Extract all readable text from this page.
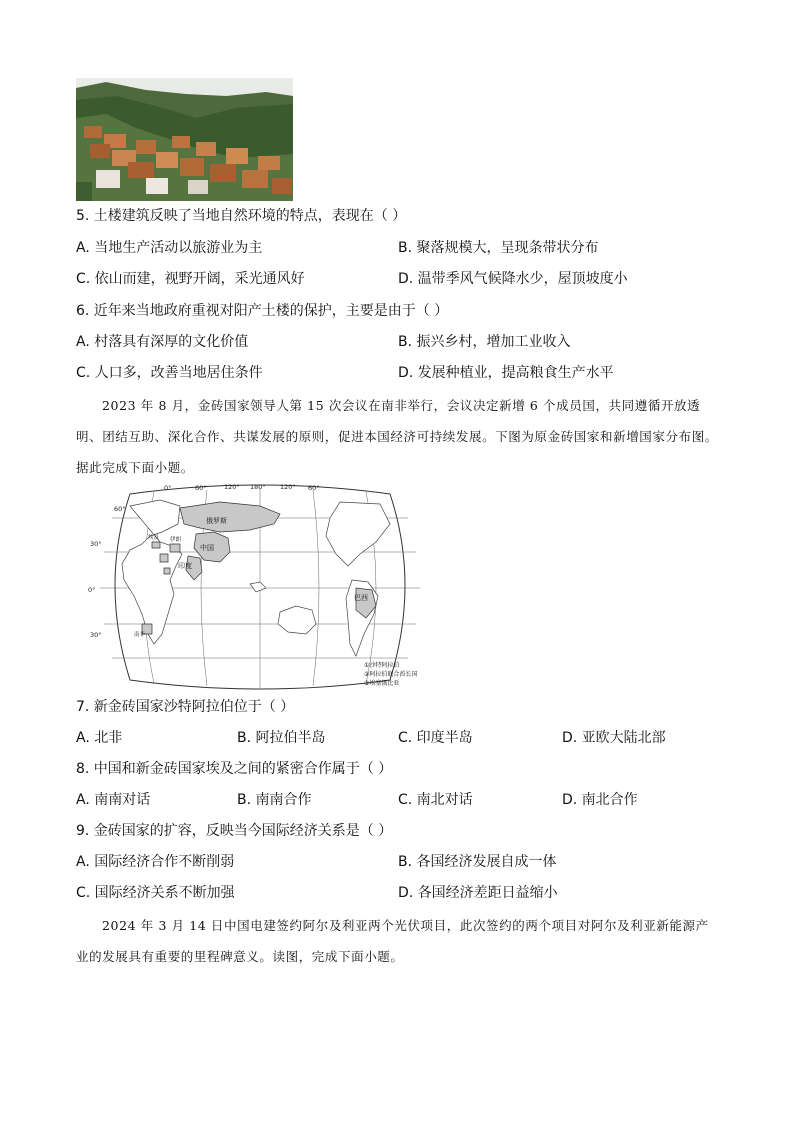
5. 土楼建筑反映了当地自然环境的特点，表现在（ ）
A. 当地生产活动以旅游业为主	B. 聚落规模大，呈现条带状分布
C. 依山而建，视野开阔，采光通风好	D. 温带季风气候降水少，屋顶坡度小
6. 近年来当地政府重视对阳产土楼的保护，主要是由于（ ）
A. 村落具有深厚的文化价值	B. 振兴乡村，增加工业收入
C. 人口多，改善当地居住条件	D. 发展种植业，提高粮食生产水平
2023 年 8 月，金砖国家领导人第 15 次会议在南非举行，会议决定新增 6 个成员国，共同遵循开放透明、团结互助、深化合作、共谋发展的原则，促进本国经济可持续发展。下图为原金砖国家和新增国家分布图。据此完成下面小题。
0°	60°	120° 180° 120° 60°
60°
30°
0°
30°
俄罗斯
中国
印度
巴西
埃及 伊朗
南非
①沙特阿拉伯
②阿拉伯联合酋长国
③埃塞俄比亚
7. 新金砖国家沙特阿拉伯位于（ ）
A. 北非	B. 阿拉伯半岛	C. 印度半岛	D. 亚欧大陆北部
8. 中国和新金砖国家埃及之间的紧密合作属于（ ）
A. 南南对话	B. 南南合作	C. 南北对话	D. 南北合作
9. 金砖国家的扩容，反映当今国际经济关系是（ ）
A. 国际经济合作不断削弱	B. 各国经济发展自成一体
C. 国际经济关系不断加强	D. 各国经济差距日益缩小
2024 年 3 月 14 日中国电建签约阿尔及利亚两个光伏项目，此次签约的两个项目对阿尔及利亚新能源产业的发展具有重要的里程碑意义。读图，完成下面小题。
